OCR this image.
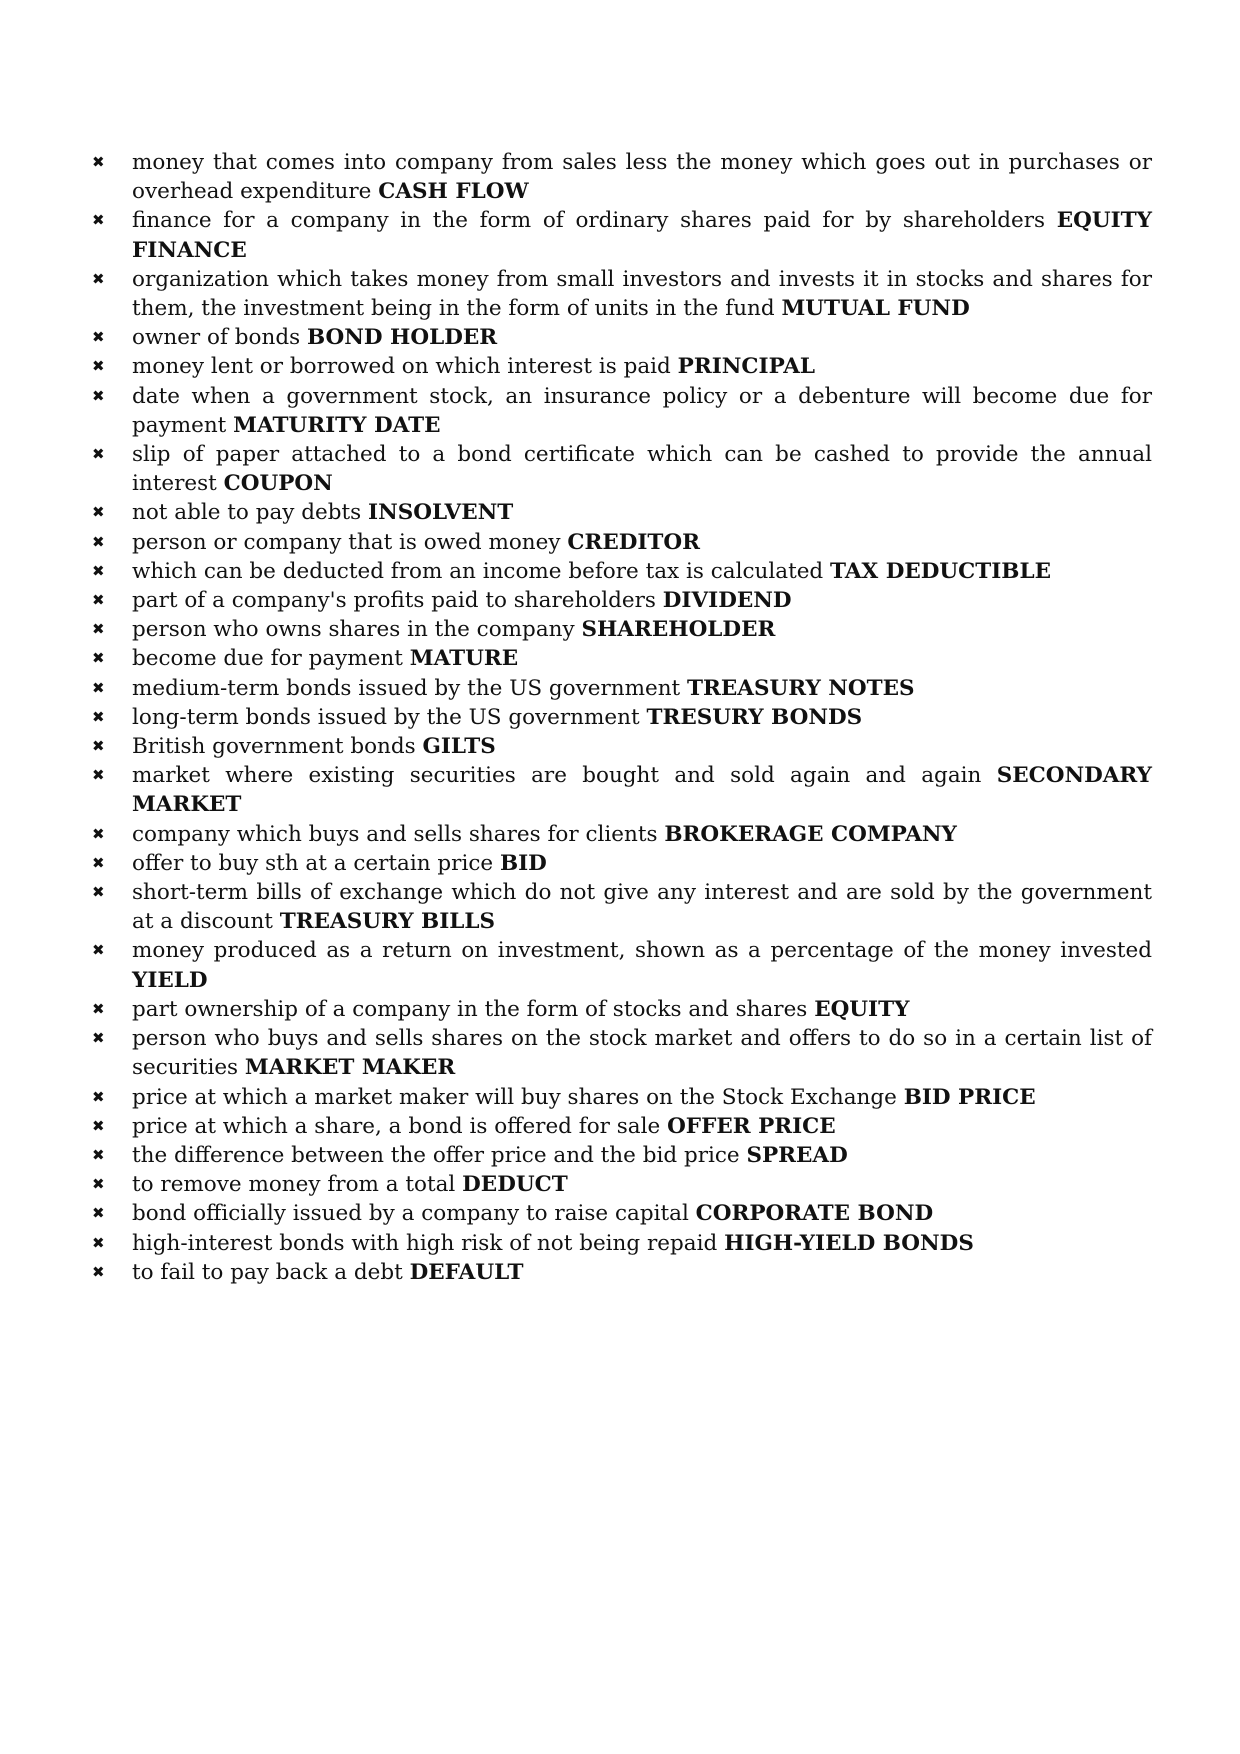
✖	money that comes into company from sales less the money which goes out in purchases or overhead expenditure CASH FLOW
✖	finance for a company in the form of ordinary shares paid for by shareholders EQUITY FINANCE
✖	organization which takes money from small investors and invests it in stocks and shares for them, the investment being in the form of units in the fund MUTUAL FUND
✖	owner of bonds BOND HOLDER
✖	money lent or borrowed on which interest is paid PRINCIPAL
✖	date when a government stock, an insurance policy or a debenture will become due for payment MATURITY DATE
✖	slip of paper attached to a bond certificate which can be cashed to provide the annual interest COUPON
✖	not able to pay debts INSOLVENT
✖	person or company that is owed money CREDITOR
✖	which can be deducted from an income before tax is calculated TAX DEDUCTIBLE
✖	part of a company's profits paid to shareholders DIVIDEND
✖	person who owns shares in the company SHAREHOLDER
✖	become due for payment MATURE
✖	medium-term bonds issued by the US government TREASURY NOTES
✖	long-term bonds issued by the US government TRESURY BONDS
✖	British government bonds GILTS
✖	market where existing securities are bought and sold again and again SECONDARY MARKET
✖	company which buys and sells shares for clients BROKERAGE COMPANY
✖	offer to buy sth at a certain price BID
✖	short-term bills of exchange which do not give any interest and are sold by the government at a discount TREASURY BILLS
✖	money produced as a return on investment, shown as a percentage of the money invested YIELD
✖	part ownership of a company in the form of stocks and shares EQUITY
✖	person who buys and sells shares on the stock market and offers to do so in a certain list of securities MARKET MAKER
✖	price at which a market maker will buy shares on the Stock Exchange BID PRICE
✖	price at which a share, a bond is offered for sale OFFER PRICE
✖	the difference between the offer price and the bid price SPREAD
✖	to remove money from a total DEDUCT
✖	bond officially issued by a company to raise capital CORPORATE BOND
✖	high-interest bonds with high risk of not being repaid HIGH-YIELD BONDS
✖	to fail to pay back a debt DEFAULT
